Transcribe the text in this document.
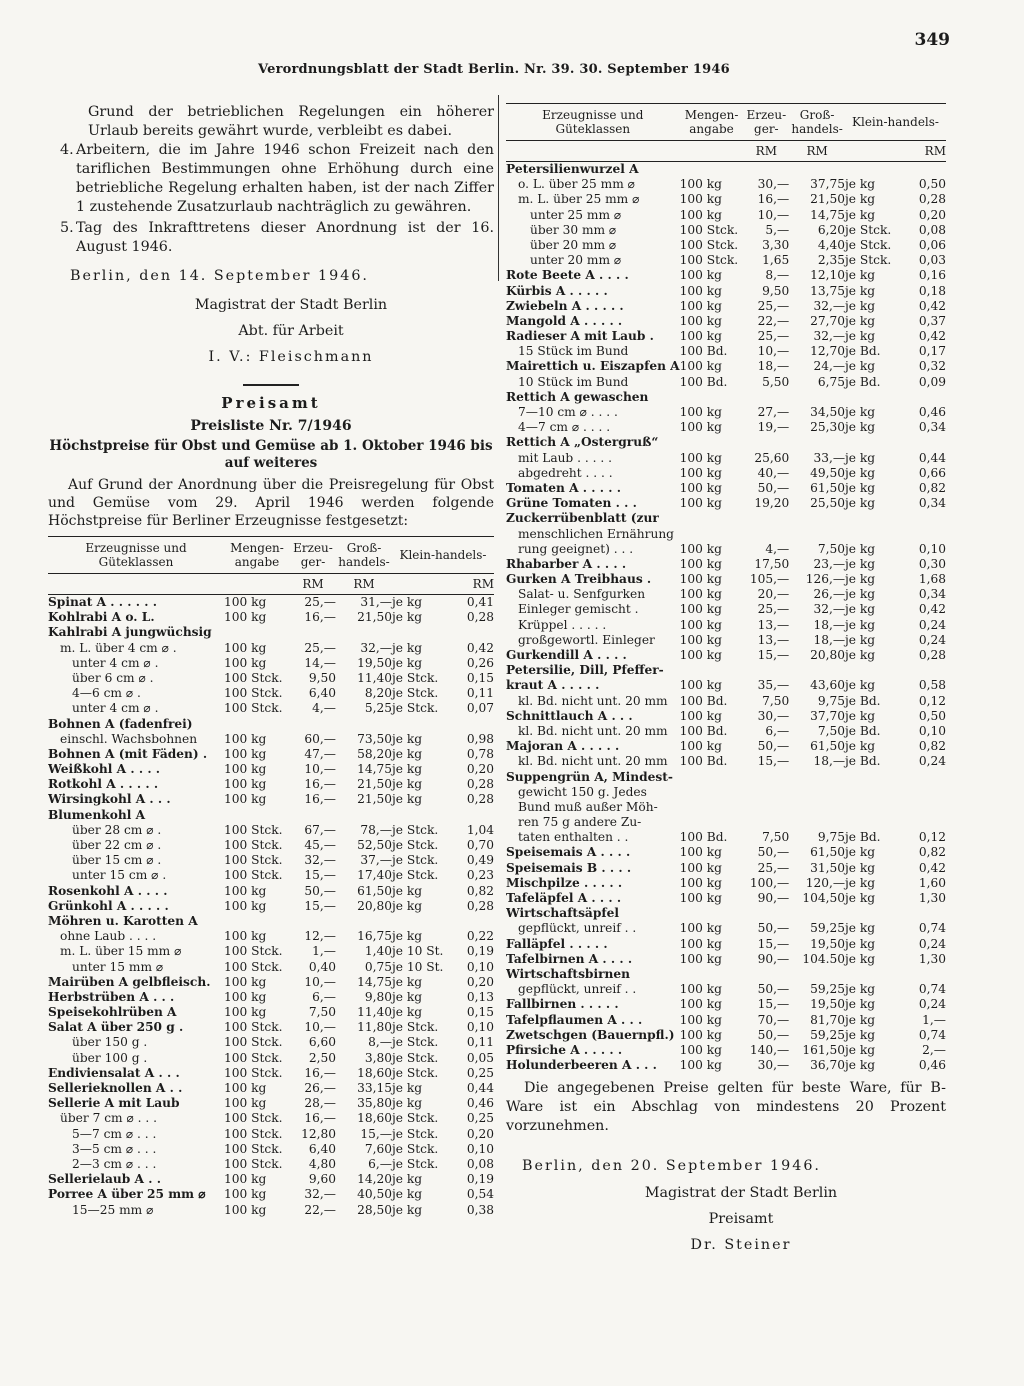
Verordnungsblatt der Stadt Berlin. Nr. 39. 30. September 1946
349

Grund der betrieblichen Regelungen ein höherer Urlaub bereits gewährt wurde, verbleibt es dabei.

4. Arbeitern, die im Jahre 1946 schon Freizeit nach den tariflichen Bestimmungen ohne Erhöhung durch eine betriebliche Regelung erhalten haben, ist der nach Ziffer 1 zustehende Zusatzurlaub nachträglich zu gewähren.
5. Tag des Inkrafttretens dieser Anordnung ist der 16. August 1946.
Berlin, den 14. September 1946.
Magistrat der Stadt Berlin
Abt. für Arbeit
I. V.: Fleischmann
Preisamt
Preisliste Nr. 7/1946
Höchstpreise für Obst und Gemüse ab 1. Oktober 1946 bis auf weiteres
Auf Grund der Anordnung über die Preisregelung für Obst und Gemüse vom 29. April 1946 werden folgende Höchstpreise für Berliner Erzeugnisse festgesetzt:
Erzeugnisse und Güteklassen	Mengen-angabe	Erzeu-ger-	Groß-handels-	Klein-handels-	
		RM	RM		RM
Spinat A . . . . . .	100 kg	25,—	31,—	je kg	0,41
Kohlrabi A o. L.	100 kg	16,—	21,50	je kg	0,28
Kahlrabi A jungwüchsig					
m. L. über 4 cm ⌀ .	100 kg	25,—	32,—	je kg	0,42
unter 4 cm ⌀ .	100 kg	14,—	19,50	je kg	0,26
über 6 cm ⌀ .	100 Stck.	9,50	11,40	je Stck.	0,15
4—6 cm ⌀ .	100 Stck.	6,40	8,20	je Stck.	0,11
unter 4 cm ⌀ .	100 Stck.	4,—	5,25	je Stck.	0,07
Bohnen A (fadenfrei)					
einschl. Wachsbohnen	100 kg	60,—	73,50	je kg	0,98
Bohnen A (mit Fäden) .	100 kg	47,—	58,20	je kg	0,78
Weißkohl A . . . .	100 kg	10,—	14,75	je kg	0,20
Rotkohl A . . . . .	100 kg	16,—	21,50	je kg	0,28
Wirsingkohl A . . .	100 kg	16,—	21,50	je kg	0,28
Blumenkohl A					
über 28 cm ⌀ .	100 Stck.	67,—	78,—	je Stck.	1,04
über 22 cm ⌀ .	100 Stck.	45,—	52,50	je Stck.	0,70
über 15 cm ⌀ .	100 Stck.	32,—	37,—	je Stck.	0,49
unter 15 cm ⌀ .	100 Stck.	15,—	17,40	je Stck.	0,23
Rosenkohl A . . . .	100 kg	50,—	61,50	je kg	0,82
Grünkohl A . . . . .	100 kg	15,—	20,80	je kg	0,28
Möhren u. Karotten A					
ohne Laub . . . .	100 kg	12,—	16,75	je kg	0,22
m. L. über 15 mm ⌀	100 Stck.	1,—	1,40	je 10 St.	0,19
unter 15 mm ⌀	100 Stck.	0,40	0,75	je 10 St.	0,10
Mairüben A gelbfleisch.	100 kg	10,—	14,75	je kg	0,20
Herbstrüben A . . .	100 kg	6,—	9,80	je kg	0,13
Speisekohlrüben A	100 kg	7,50	11,40	je kg	0,15
Salat A über 250 g .	100 Stck.	10,—	11,80	je Stck.	0,10
über 150 g .	100 Stck.	6,60	8,—	je Stck.	0,11
über 100 g .	100 Stck.	2,50	3,80	je Stck.	0,05
Endiviensalat A . . .	100 Stck.	16,—	18,60	je Stck.	0,25
Sellerieknollen A . .	100 kg	26,—	33,15	je kg	0,44
Sellerie A mit Laub	100 kg	28,—	35,80	je kg	0,46
über 7 cm ⌀ . . .	100 Stck.	16,—	18,60	je Stck.	0,25
5—7 cm ⌀ . . .	100 Stck.	12,80	15,—	je Stck.	0,20
3—5 cm ⌀ . . .	100 Stck.	6,40	7,60	je Stck.	0,10
2—3 cm ⌀ . . .	100 Stck.	4,80	6,—	je Stck.	0,08
Sellerielaub A . .	100 kg	9,60	14,20	je kg	0,19
Porree A über 25 mm ⌀	100 kg	32,—	40,50	je kg	0,54
15—25 mm ⌀	100 kg	22,—	28,50	je kg	0,38
Erzeugnisse und Güteklassen	Mengen-angabe	Erzeu-ger-	Groß-handels-	Klein-handels-	
		RM	RM		RM
Petersilienwurzel A					
o. L. über 25 mm ⌀	100 kg	30,—	37,75	je kg	0,50
m. L. über 25 mm ⌀	100 kg	16,—	21,50	je kg	0,28
unter 25 mm ⌀	100 kg	10,—	14,75	je kg	0,20
über 30 mm ⌀	100 Stck.	5,—	6,20	je Stck.	0,08
über 20 mm ⌀	100 Stck.	3,30	4,40	je Stck.	0,06
unter 20 mm ⌀	100 Stck.	1,65	2,35	je Stck.	0,03
Rote Beete A . . . .	100 kg	8,—	12,10	je kg	0,16
Kürbis A . . . . .	100 kg	9,50	13,75	je kg	0,18
Zwiebeln A . . . . .	100 kg	25,—	32,—	je kg	0,42
Mangold A . . . . .	100 kg	22,—	27,70	je kg	0,37
Radieser A mit Laub .	100 kg	25,—	32,—	je kg	0,42
15 Stück im Bund	100 Bd.	10,—	12,70	je Bd.	0,17
Mairettich u. Eiszapfen A	100 kg	18,—	24,—	je kg	0,32
10 Stück im Bund	100 Bd.	5,50	6,75	je Bd.	0,09
Rettich A gewaschen					
7—10 cm ⌀ . . . .	100 kg	27,—	34,50	je kg	0,46
4—7 cm ⌀ . . . .	100 kg	19,—	25,30	je kg	0,34
Rettich A „Ostergruß“					
mit Laub . . . . .	100 kg	25,60	33,—	je kg	0,44
abgedreht . . . .	100 kg	40,—	49,50	je kg	0,66
Tomaten A . . . . .	100 kg	50,—	61,50	je kg	0,82
Grüne Tomaten . . .	100 kg	19,20	25,50	je kg	0,34
Zuckerrübenblatt (zur					
menschlichen Ernährung					
rung geeignet) . . .	100 kg	4,—	7,50	je kg	0,10
Rhabarber A . . . .	100 kg	17,50	23,—	je kg	0,30
Gurken A Treibhaus .	100 kg	105,—	126,—	je kg	1,68
Salat- u. Senfgurken	100 kg	20,—	26,—	je kg	0,34
Einleger gemischt .	100 kg	25,—	32,—	je kg	0,42
Krüppel . . . . .	100 kg	13,—	18,—	je kg	0,24
großgewortl. Einleger	100 kg	13,—	18,—	je kg	0,24
Gurkendill A . . . .	100 kg	15,—	20,80	je kg	0,28
Petersilie, Dill, Pfeffer-					
kraut A . . . . .	100 kg	35,—	43,60	je kg	0,58
kl. Bd. nicht unt. 20 mm	100 Bd.	7,50	9,75	je Bd.	0,12
Schnittlauch A . . .	100 kg	30,—	37,70	je kg	0,50
kl. Bd. nicht unt. 20 mm	100 Bd.	6,—	7,50	je Bd.	0,10
Majoran A . . . . .	100 kg	50,—	61,50	je kg	0,82
kl. Bd. nicht unt. 20 mm	100 Bd.	15,—	18,—	je Bd.	0,24
Suppengrün A, Mindest-					
gewicht 150 g. Jedes					
Bund muß außer Möh-					
ren 75 g andere Zu-					
taten enthalten . .	100 Bd.	7,50	9,75	je Bd.	0,12
Speisemais A . . . .	100 kg	50,—	61,50	je kg	0,82
Speisemais B . . . .	100 kg	25,—	31,50	je kg	0,42
Mischpilze . . . . .	100 kg	100,—	120,—	je kg	1,60
Tafeläpfel A . . . .	100 kg	90,—	104,50	je kg	1,30
Wirtschaftsäpfel					
gepflückt, unreif . .	100 kg	50,—	59,25	je kg	0,74
Falläpfel . . . . .	100 kg	15,—	19,50	je kg	0,24
Tafelbirnen A . . . .	100 kg	90,—	104.50	je kg	1,30
Wirtschaftsbirnen					
gepflückt, unreif . .	100 kg	50,—	59,25	je kg	0,74
Fallbirnen . . . . .	100 kg	15,—	19,50	je kg	0,24
Tafelpflaumen A . . .	100 kg	70,—	81,70	je kg	1,—
Zwetschgen (Bauernpfl.)	100 kg	50,—	59,25	je kg	0,74
Pfirsiche A . . . . .	100 kg	140,—	161,50	je kg	2,—
Holunderbeeren A . . .	100 kg	30,—	36,70	je kg	0,46

Die angegebenen Preise gelten für beste Ware, für B-Ware ist ein Abschlag von mindestens 20 Prozent vorzunehmen.

Berlin, den 20. September 1946.
Magistrat der Stadt Berlin
Preisamt
Dr. Steiner
